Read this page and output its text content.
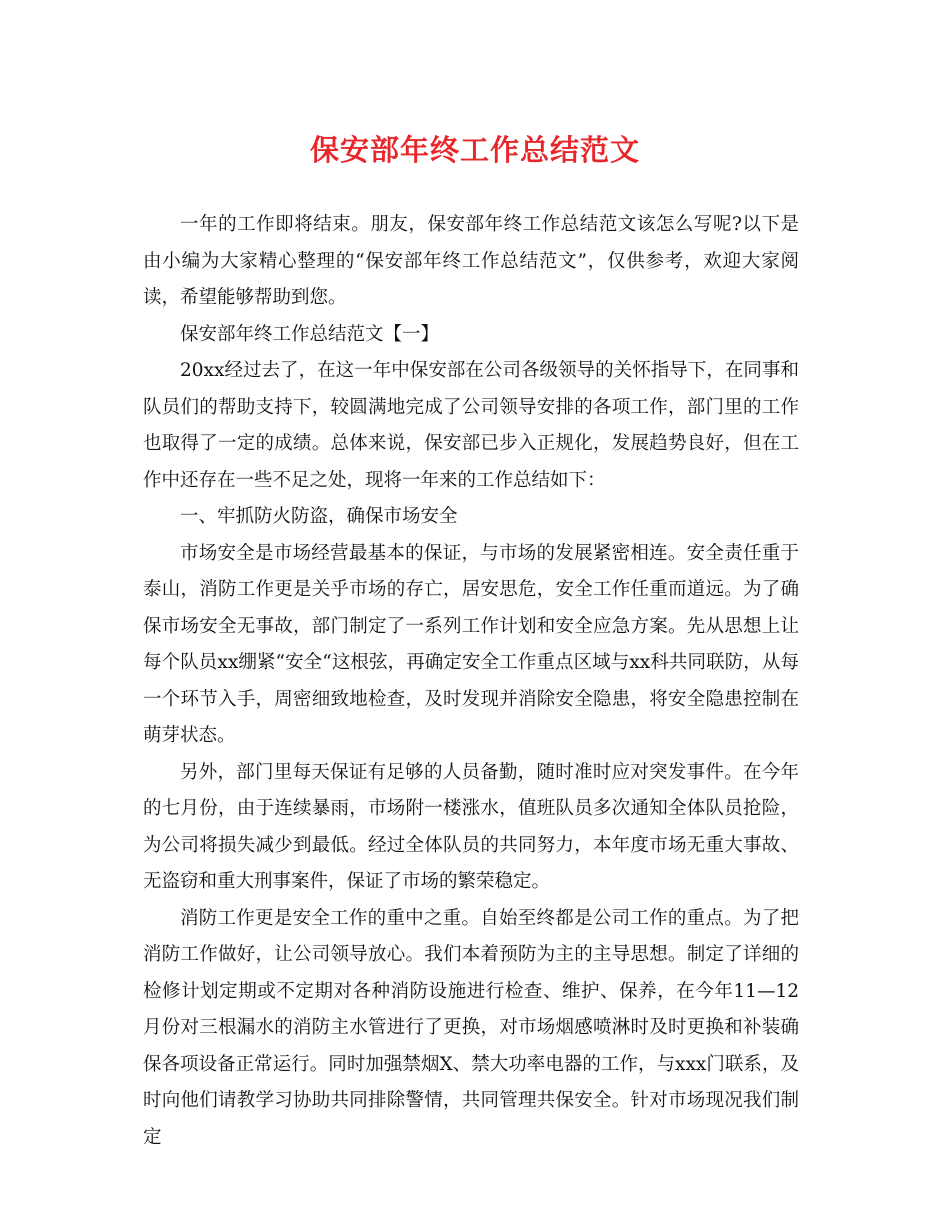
保安部年终工作总结范文

一年的工作即将结束。朋友，保安部年终工作总结范文该怎么写呢?以下是由小编为大家精心整理的“保安部年终工作总结范文”，仅供参考，欢迎大家阅读，希望能够帮助到您。

保安部年终工作总结范文【一】

20xx经过去了，在这一年中保安部在公司各级领导的关怀指导下，在同事和队员们的帮助支持下，较圆满地完成了公司领导安排的各项工作，部门里的工作也取得了一定的成绩。总体来说，保安部已步入正规化，发展趋势良好，但在工作中还存在一些不足之处，现将一年来的工作总结如下：

一、牢抓防火防盗，确保市场安全

市场安全是市场经营最基本的保证，与市场的发展紧密相连。安全责任重于泰山，消防工作更是关乎市场的存亡，居安思危，安全工作任重而道远。为了确保市场安全无事故，部门制定了一系列工作计划和安全应急方案。先从思想上让每个队员xx绷紧“安全“这根弦，再确定安全工作重点区域与xx科共同联防，从每一个环节入手，周密细致地检查，及时发现并消除安全隐患，将安全隐患控制在萌芽状态。

另外，部门里每天保证有足够的人员备勤，随时准时应对突发事件。在今年的七月份，由于连续暴雨，市场附一楼涨水，值班队员多次通知全体队员抢险，为公司将损失减少到最低。经过全体队员的共同努力，本年度市场无重大事故、无盗窃和重大刑事案件，保证了市场的繁荣稳定。

消防工作更是安全工作的重中之重。自始至终都是公司工作的重点。为了把消防工作做好，让公司领导放心。我们本着预防为主的主导思想。制定了详细的检修计划定期或不定期对各种消防设施进行检查、维护、保养，在今年11—12月份对三根漏水的消防主水管进行了更换，对市场烟感喷淋时及时更换和补装确保各项设备正常运行。同时加强禁烟X、禁大功率电器的工作，与xxx门联系，及时向他们请教学习协助共同排除警情，共同管理共保安全。针对市场现况我们制定
